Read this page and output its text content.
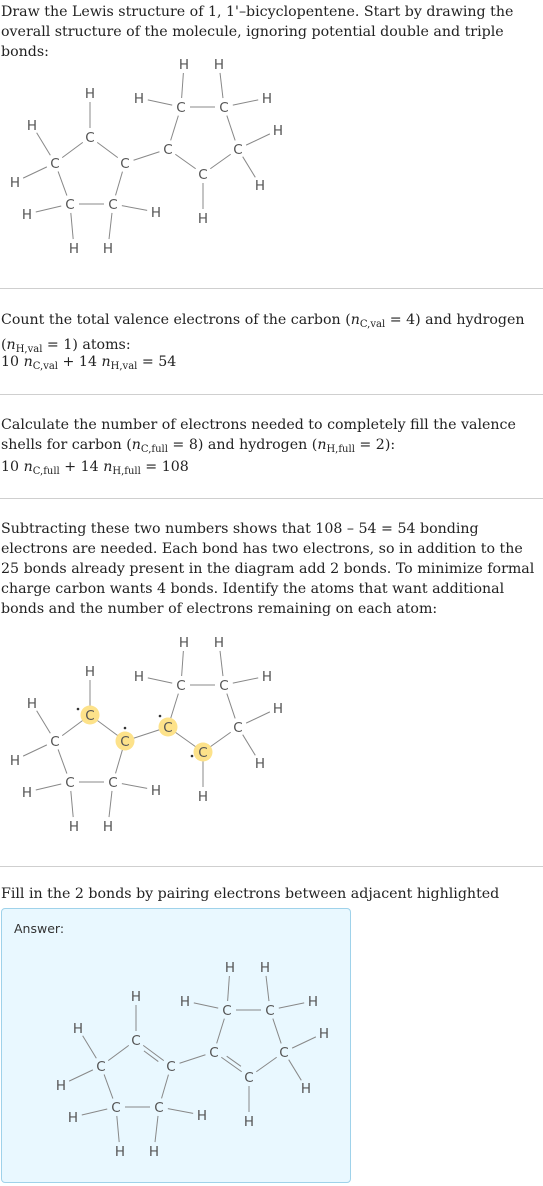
Draw the Lewis structure of 1, 1'–bicyclopentene. Start by drawing the overall structure of the molecule, ignoring potential double and triple bonds:

C
C
C
C
C
C
C C
C
C
H
H
H
H
H H
H
H H
H	H
H
H
H

Count the total valence electrons of the carbon $(n_{C,val} = 4)$ and hydrogen $(n_{H,val} = 1)$ atoms:

10 $n_{C,val} + 14$ $n_{H,val} = 54$

Calculate the number of electrons needed to completely fill the valence shells for carbon $(n_{C,full} = 8)$ and hydrogen $(n_{H,full} = 2)$:

10 $n_{C,full} + 14$ $n_{H,full} = 108$

Subtracting these two numbers shows that 108 – 54 = 54 bonding electrons are needed. Each bond has two electrons, so in addition to the 25 bonds already present in the diagram add 2 bonds. To minimize formal charge carbon wants 4 bonds. Identify the atoms that want additional bonds and the number of electrons remaining on each atom:

C
C
C
C
C
C
C C
C
C
H
H
H
H
H H
H
H H
H	H
H
H
H

Fill in the 2 bonds by pairing electrons between adjacent highlighted

Answer:
C
C
C
C
C
C
C C
C
C
H
H
H
H
H H
H
H H
H	H
H
H
H
